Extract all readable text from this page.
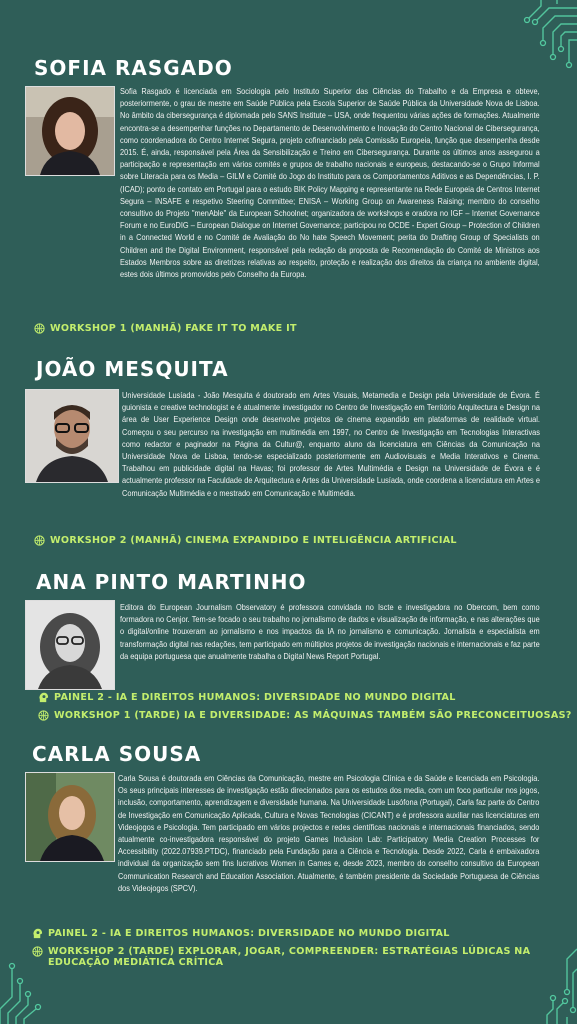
SOFIA RASGADO
Sofia Rasgado é licenciada em Sociologia pelo Instituto Superior das Ciências do Trabalho e da Empresa e obteve, posteriormente, o grau de mestre em Saúde Pública pela Escola Superior de Saúde Pública da Universidade Nova de Lisboa. No âmbito da cibersegurança é diplomada pelo SANS Institute – USA, onde frequentou várias ações de formações. Atualmente encontra-se a desempenhar funções no Departamento de Desenvolvimento e Inovação do Centro Nacional de Cibersegurança, como coordenadora do Centro Internet Segura, projeto cofinanciado pela Comissão Europeia, função que desempenha desde 2015. É, ainda, responsável pela Área da Sensibilização e Treino em Cibersegurança. Durante os últimos anos assegurou a participação e representação em vários comités e grupos de trabalho nacionais e europeus, destacando-se o Grupo Informal sobre Literacia para os Media – GILM e Comité do Jogo do Instituto para os Comportamentos Aditivos e as Dependências, I. P. (ICAD); ponto de contato em Portugal para o estudo BIK Policy Mapping e representante na Rede Europeia de Centros Internet Segura – INSAFE e respetivo Steering Committee; ENISA – Working Group on Awareness Raising; membro do conselho consultivo do Projeto "menAble" da European Schoolnet; organizadora de workshops e oradora no IGF – Internet Governance Forum e no EuroDIG – European Dialogue on Internet Governance; participou no OCDE - Expert Group – Protection of Children in a Connected World e no Comité de Avaliação do No hate Speech Movement; perita do Drafting Group of Specialists on Children and the Digital Environment, responsável pela redação da proposta de Recomendação do Comité de Ministros aos Estados Membros sobre as diretrizes relativas ao respeito, proteção e realização dos direitos da criança no ambiente digital, estes dois últimos promovidos pelo Conselho da Europa.
WORKSHOP 1 (MANHÃ) FAKE IT TO MAKE IT
JOÃO MESQUITA
Universidade Lusíada - João Mesquita é doutorado em Artes Visuais, Metamedia e Design pela Universidade de Évora. É guionista e creative technologist e é atualmente investigador no Centro de Investigação em Território Arquitectura e Design na área de User Experience Design onde desenvolve projetos de cinema expandido em plataformas de realidade virtual. Começou o seu percurso na investigação em multimédia em 1997, no Centro de Investigação em Tecnologias Interactivas como redactor e paginador na Página da Cultur@, enquanto aluno da licenciatura em Ciências da Comunicação na Universidade Nova de Lisboa, tendo-se especializado posteriormente em Audiovisuais e Media Interativos e Cinema. Trabalhou em publicidade digital na Havas; foi professor de Artes Multimédia e Design na Universidade de Évora e é actualmente professor na Faculdade de Arquitectura e Artes da Universidade Lusíada, onde coordena a licenciatura em Artes e Comunicação Multimédia e o mestrado em Comunicação e Multimédia.
WORKSHOP 2 (MANHÃ) CINEMA EXPANDIDO E INTELIGÊNCIA ARTIFICIAL
ANA PINTO MARTINHO
Editora do European Journalism Observatory é professora convidada no Iscte e investigadora no Obercom, bem como formadora no Cenjor. Tem-se focado o seu trabalho no jornalismo de dados e visualização de informação, e nas alterações que o digital/online trouxeram ao jornalismo e nos impactos da IA no jornalismo e comunicação. Jornalista e especialista em transformação digital nas redações, tem participado em múltiplos projetos de investigação nacionais e internacionais e faz parte da equipa portuguesa que anualmente trabalha o Digital News Report Portugal.
PAINEL 2 - IA E DIREITOS HUMANOS: DIVERSIDADE NO MUNDO DIGITAL
WORKSHOP 1 (TARDE) IA E DIVERSIDADE: AS MÁQUINAS TAMBÉM SÃO PRECONCEITUOSAS?
CARLA SOUSA
Carla Sousa é doutorada em Ciências da Comunicação, mestre em Psicologia Clínica e da Saúde e licenciada em Psicologia. Os seus principais interesses de investigação estão direcionados para os estudos dos media, com um foco particular nos jogos, inclusão, comportamento, aprendizagem e diversidade humana. Na Universidade Lusófona (Portugal), Carla faz parte do Centro de Investigação em Comunicação Aplicada, Cultura e Novas Tecnologias (CICANT) e é professora auxiliar nas licenciaturas em Videojogos e Psicologia. Tem participado em vários projectos e redes científicas nacionais e internacionais financiados, sendo atualmente co-investigadora responsável do projeto Games Inclusion Lab: Participatory Media Creation Processes for Accessibility (2022.07939.PTDC), financiado pela Fundação para a Ciência e Tecnologia. Desde 2022, Carla é embaixadora individual da organização sem fins lucrativos Women in Games e, desde 2023, membro do conselho consultivo da European Communication Research and Education Association. Atualmente, é também presidente da Sociedade Portuguesa de Ciências dos Videojogos (SPCV).
PAINEL 2 - IA E DIREITOS HUMANOS: DIVERSIDADE NO MUNDO DIGITAL
WORKSHOP 2 (TARDE) EXPLORAR, JOGAR, COMPREENDER: ESTRATÉGIAS LÚDICAS NA EDUCAÇÃO MEDIÁTICA CRÍTICA
